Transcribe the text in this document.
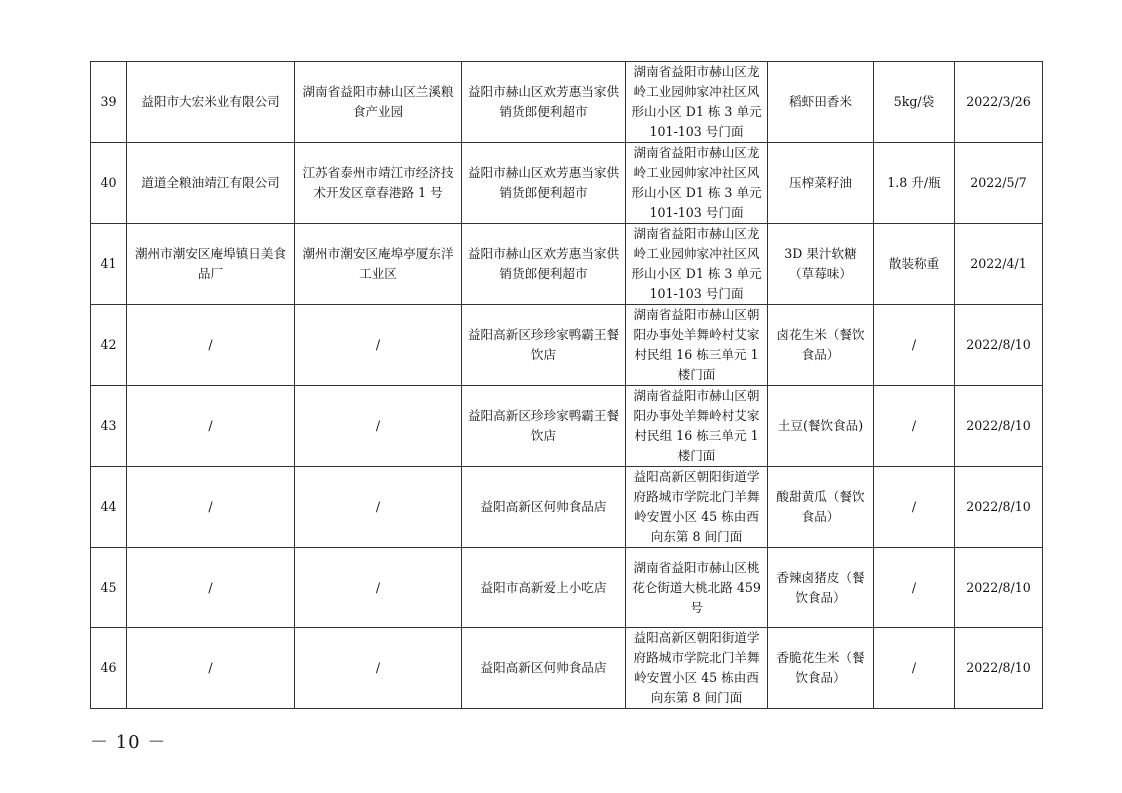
39	益阳市大宏米业有限公司	湖南省益阳市赫山区兰溪粮食产业园	益阳市赫山区欢芳惠当家供销货郎便利超市	湖南省益阳市赫山区龙岭工业园帅家冲社区风形山小区 D1 栋 3 单元 101-103 号门面	稻虾田香米	5kg/袋	2022/3/26
40	道道全粮油靖江有限公司	江苏省泰州市靖江市经济技术开发区章春港路 1 号	益阳市赫山区欢芳惠当家供销货郎便利超市	湖南省益阳市赫山区龙岭工业园帅家冲社区风形山小区 D1 栋 3 单元 101-103 号门面	压榨菜籽油	1.8 升/瓶	2022/5/7
41	潮州市潮安区庵埠镇日美食品厂	潮州市潮安区庵埠亭厦东洋工业区	益阳市赫山区欢芳惠当家供销货郎便利超市	湖南省益阳市赫山区龙岭工业园帅家冲社区风形山小区 D1 栋 3 单元 101-103 号门面	3D 果汁软糖（草莓味）	散装称重	2022/4/1
42	/	/	益阳高新区珍珍家鸭霸王餐饮店	湖南省益阳市赫山区朝阳办事处羊舞岭村艾家村民组 16 栋三单元 1 楼门面	卤花生米（餐饮食品）	/	2022/8/10
43	/	/	益阳高新区珍珍家鸭霸王餐饮店	湖南省益阳市赫山区朝阳办事处羊舞岭村艾家村民组 16 栋三单元 1 楼门面	土豆(餐饮食品)	/	2022/8/10
44	/	/	益阳高新区何帅食品店	益阳高新区朝阳街道学府路城市学院北门羊舞岭安置小区 45 栋由西向东第 8 间门面	酸甜黄瓜（餐饮食品）	/	2022/8/10
45	/	/	益阳市高新爱上小吃店	湖南省益阳市赫山区桃花仑街道大桃北路 459 号	香辣卤猪皮（餐饮食品）	/	2022/8/10
46	/	/	益阳高新区何帅食品店	益阳高新区朝阳街道学府路城市学院北门羊舞岭安置小区 45 栋由西向东第 8 间门面	香脆花生米（餐饮食品）	/	2022/8/10
－ 10 －
